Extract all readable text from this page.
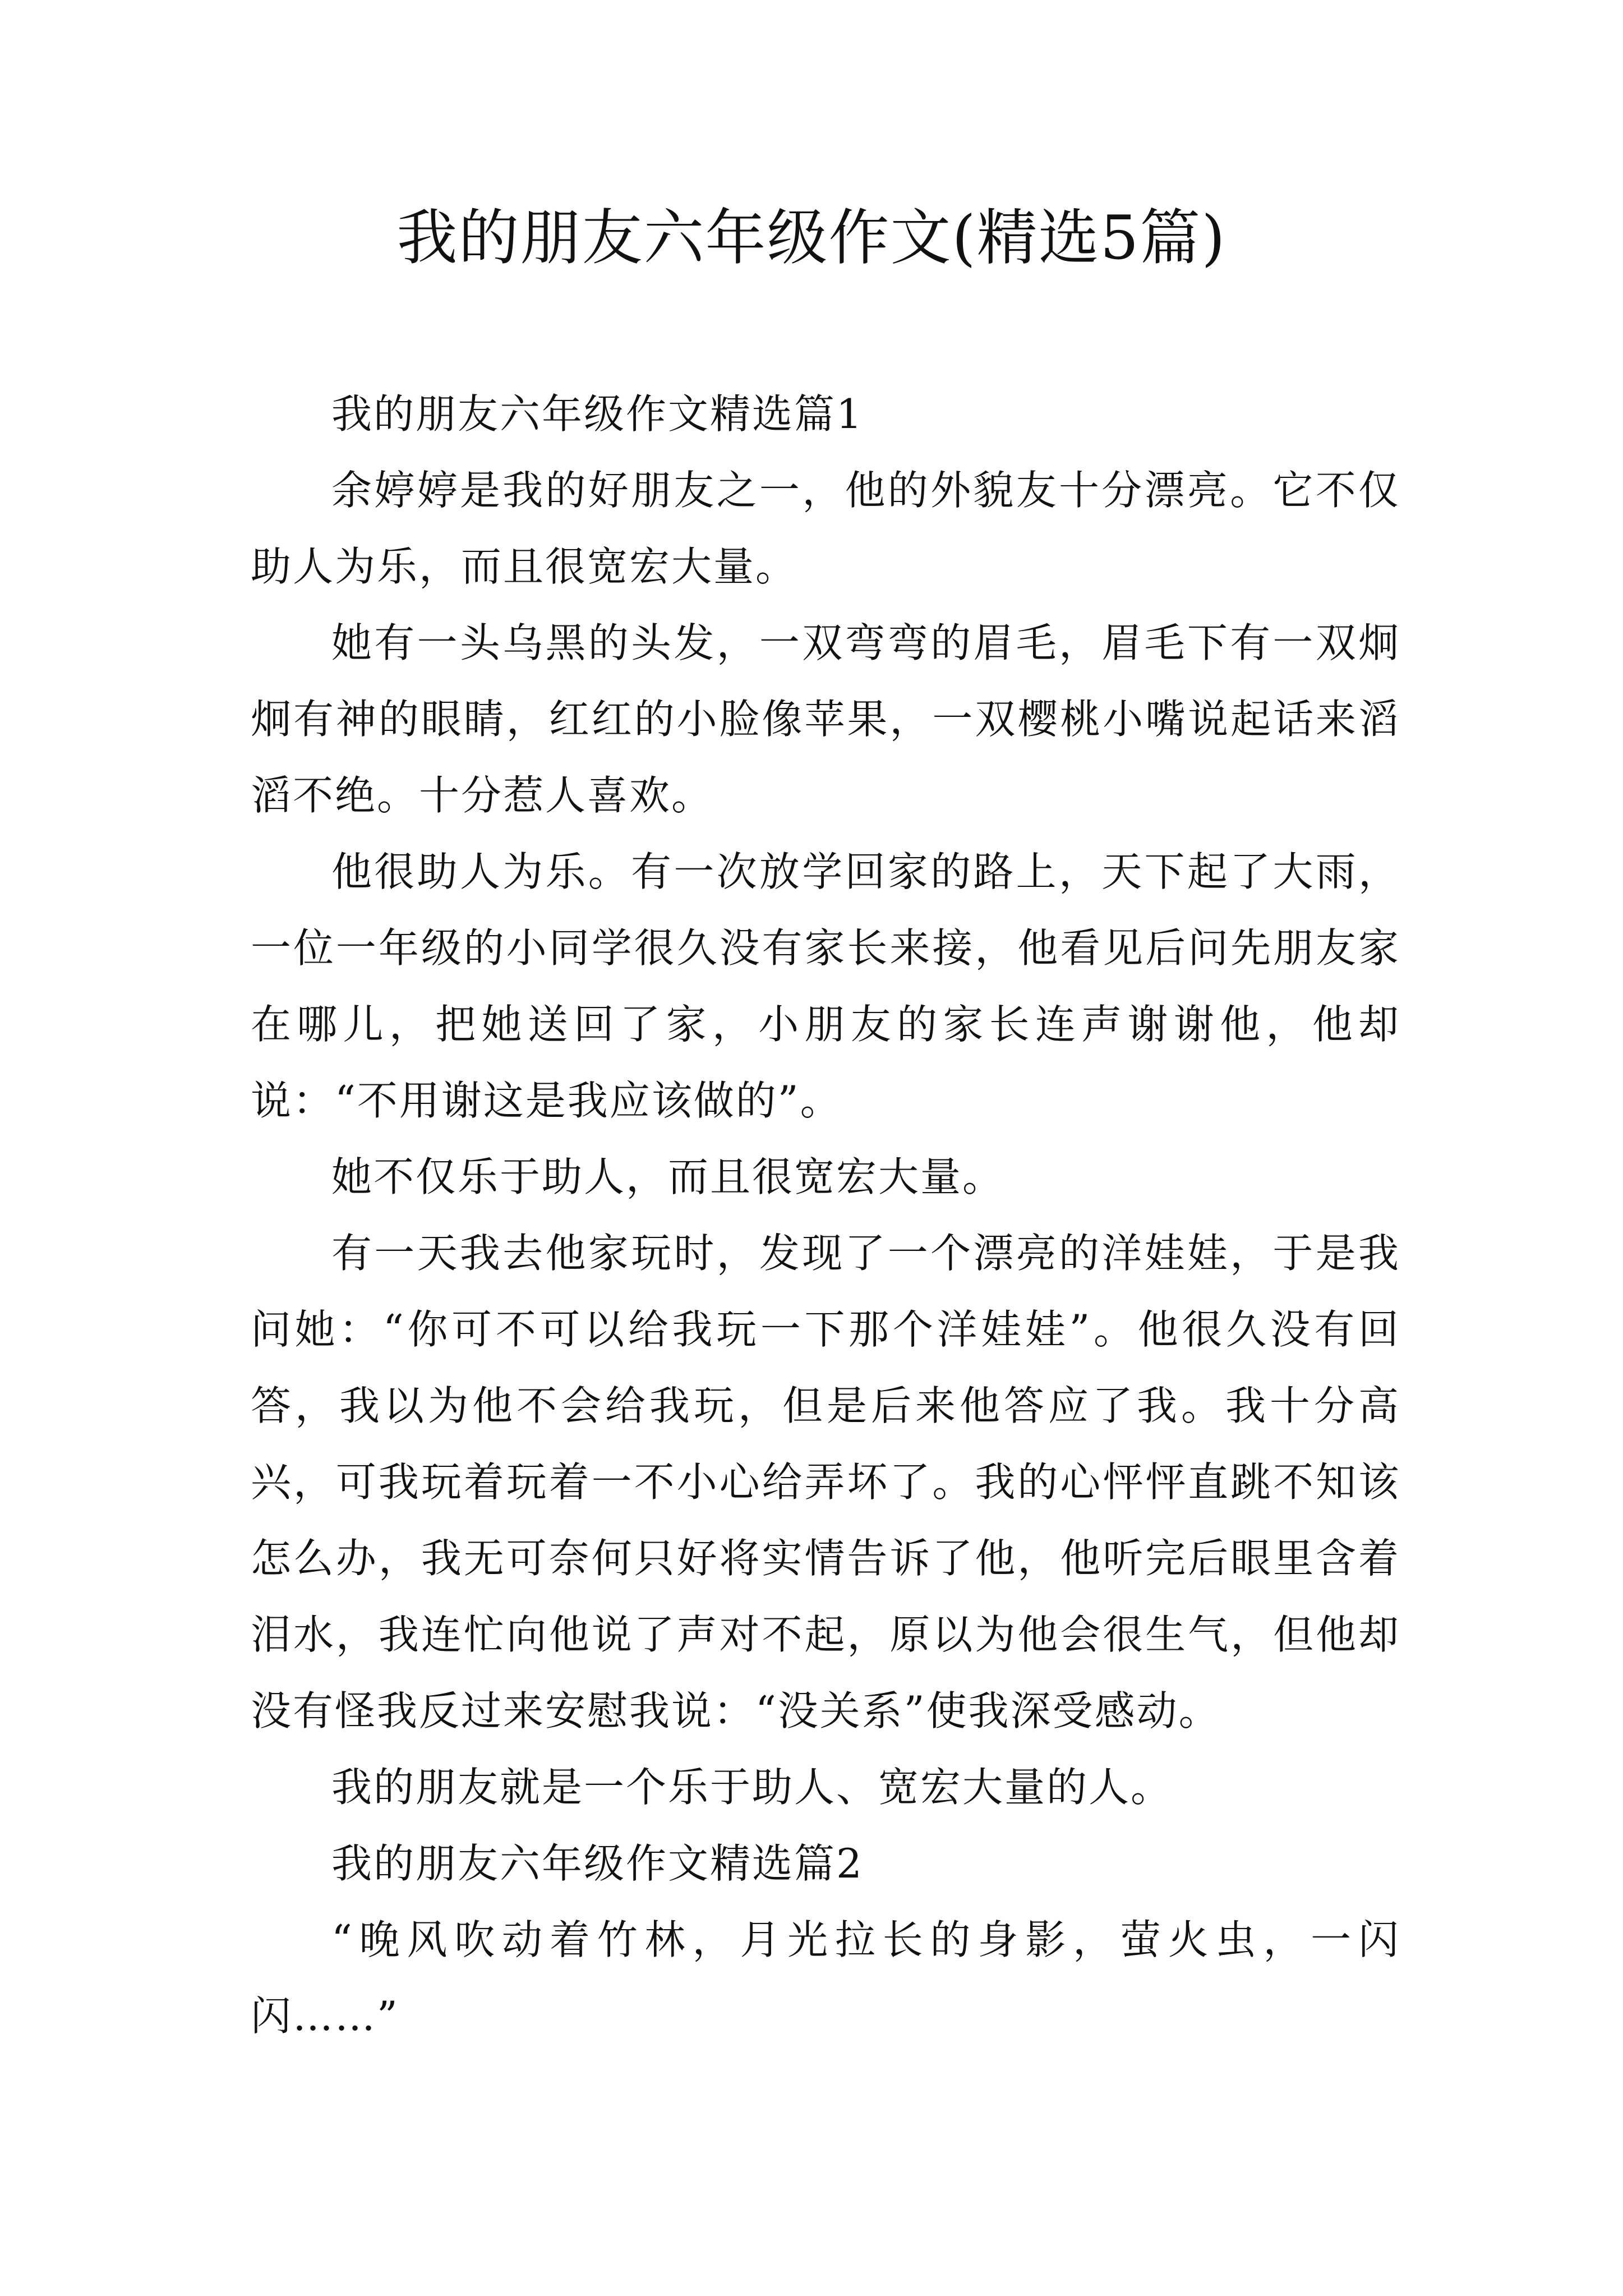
我的朋友六年级作文(精选5篇)

我的朋友六年级作文精选篇1

余婷婷是我的好朋友之一，他的外貌友十分漂亮。它不仅助人为乐，而且很宽宏大量。

她有一头乌黑的头发，一双弯弯的眉毛，眉毛下有一双炯炯有神的眼睛，红红的小脸像苹果，一双樱桃小嘴说起话来滔滔不绝。十分惹人喜欢。

他很助人为乐。有一次放学回家的路上，天下起了大雨，一位一年级的小同学很久没有家长来接，他看见后问先朋友家在哪儿，把她送回了家，小朋友的家长连声谢谢他，他却说：“不用谢这是我应该做的”。

她不仅乐于助人，而且很宽宏大量。

有一天我去他家玩时，发现了一个漂亮的洋娃娃，于是我问她：“你可不可以给我玩一下那个洋娃娃”。他很久没有回答，我以为他不会给我玩，但是后来他答应了我。我十分高兴，可我玩着玩着一不小心给弄坏了。我的心怦怦直跳不知该怎么办，我无可奈何只好将实情告诉了他，他听完后眼里含着泪水，我连忙向他说了声对不起，原以为他会很生气，但他却没有怪我反过来安慰我说：“没关系”使我深受感动。

我的朋友就是一个乐于助人、宽宏大量的人。

我的朋友六年级作文精选篇2

“晚风吹动着竹林，月光拉长的身影，萤火虫，一闪闪……”
